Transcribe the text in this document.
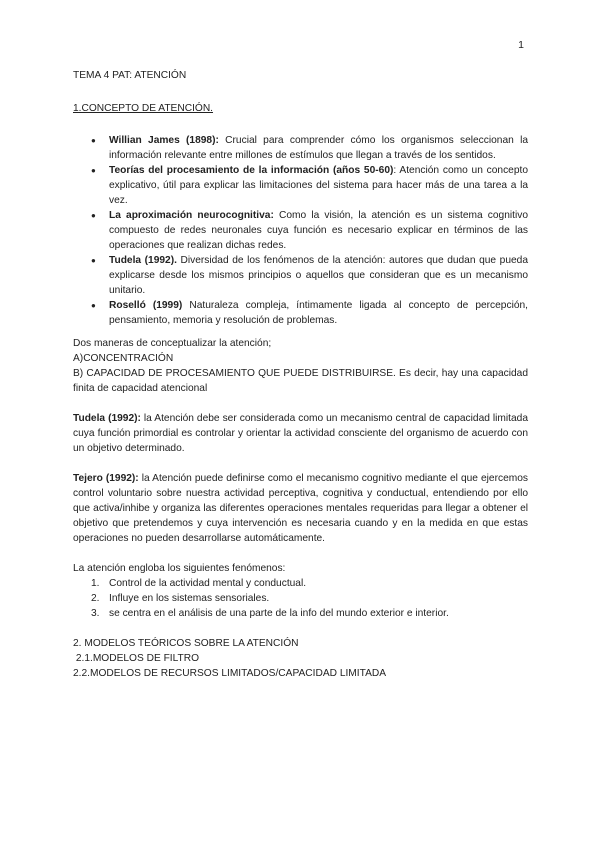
1

TEMA 4 PAT: ATENCIÓN

1.CONCEPTO DE ATENCIÓN.

● Willian James (1898): Crucial para comprender cómo los organismos seleccionan la información relevante entre millones de estímulos que llegan a través de los sentidos.
● Teorías del procesamiento de la información (años 50-60): Atención como un concepto explicativo, útil para explicar las limitaciones del sistema para hacer más de una tarea a la vez.
● La aproximación neurocognitiva: Como la visión, la atención es un sistema cognitivo compuesto de redes neuronales cuya función es necesario explicar en términos de las operaciones que realizan dichas redes.
● Tudela (1992). Diversidad de los fenómenos de la atención: autores que dudan que pueda explicarse desde los mismos principios o aquellos que consideran que es un mecanismo unitario.
● Roselló (1999) Naturaleza compleja, íntimamente ligada al concepto de percepción, pensamiento, memoria y resolución de problemas.

Dos maneras de conceptualizar la atención;

A)CONCENTRACIÓN

B) CAPACIDAD DE PROCESAMIENTO QUE PUEDE DISTRIBUIRSE. Es decir, hay una capacidad finita de capacidad atencional

Tudela (1992): la Atención debe ser considerada como un mecanismo central de capacidad limitada cuya función primordial es controlar y orientar la actividad consciente del organismo de acuerdo con un objetivo determinado.

Tejero (1992): la Atención puede definirse como el mecanismo cognitivo mediante el que ejercemos control voluntario sobre nuestra actividad perceptiva, cognitiva y conductual, entendiendo por ello que activa/inhibe y organiza las diferentes operaciones mentales requeridas para llegar a obtener el objetivo que pretendemos y cuya intervención es necesaria cuando y en la medida en que estas operaciones no pueden desarrollarse automáticamente.

La atención engloba los siguientes fenómenos:

1. Control de la actividad mental y conductual.
2. Influye en los sistemas sensoriales.
3. se centra en el análisis de una parte de la info del mundo exterior e interior.

2. MODELOS TEÓRICOS SOBRE LA ATENCIÓN

2.1.MODELOS DE FILTRO

2.2.MODELOS DE RECURSOS LIMITADOS/CAPACIDAD LIMITADA
